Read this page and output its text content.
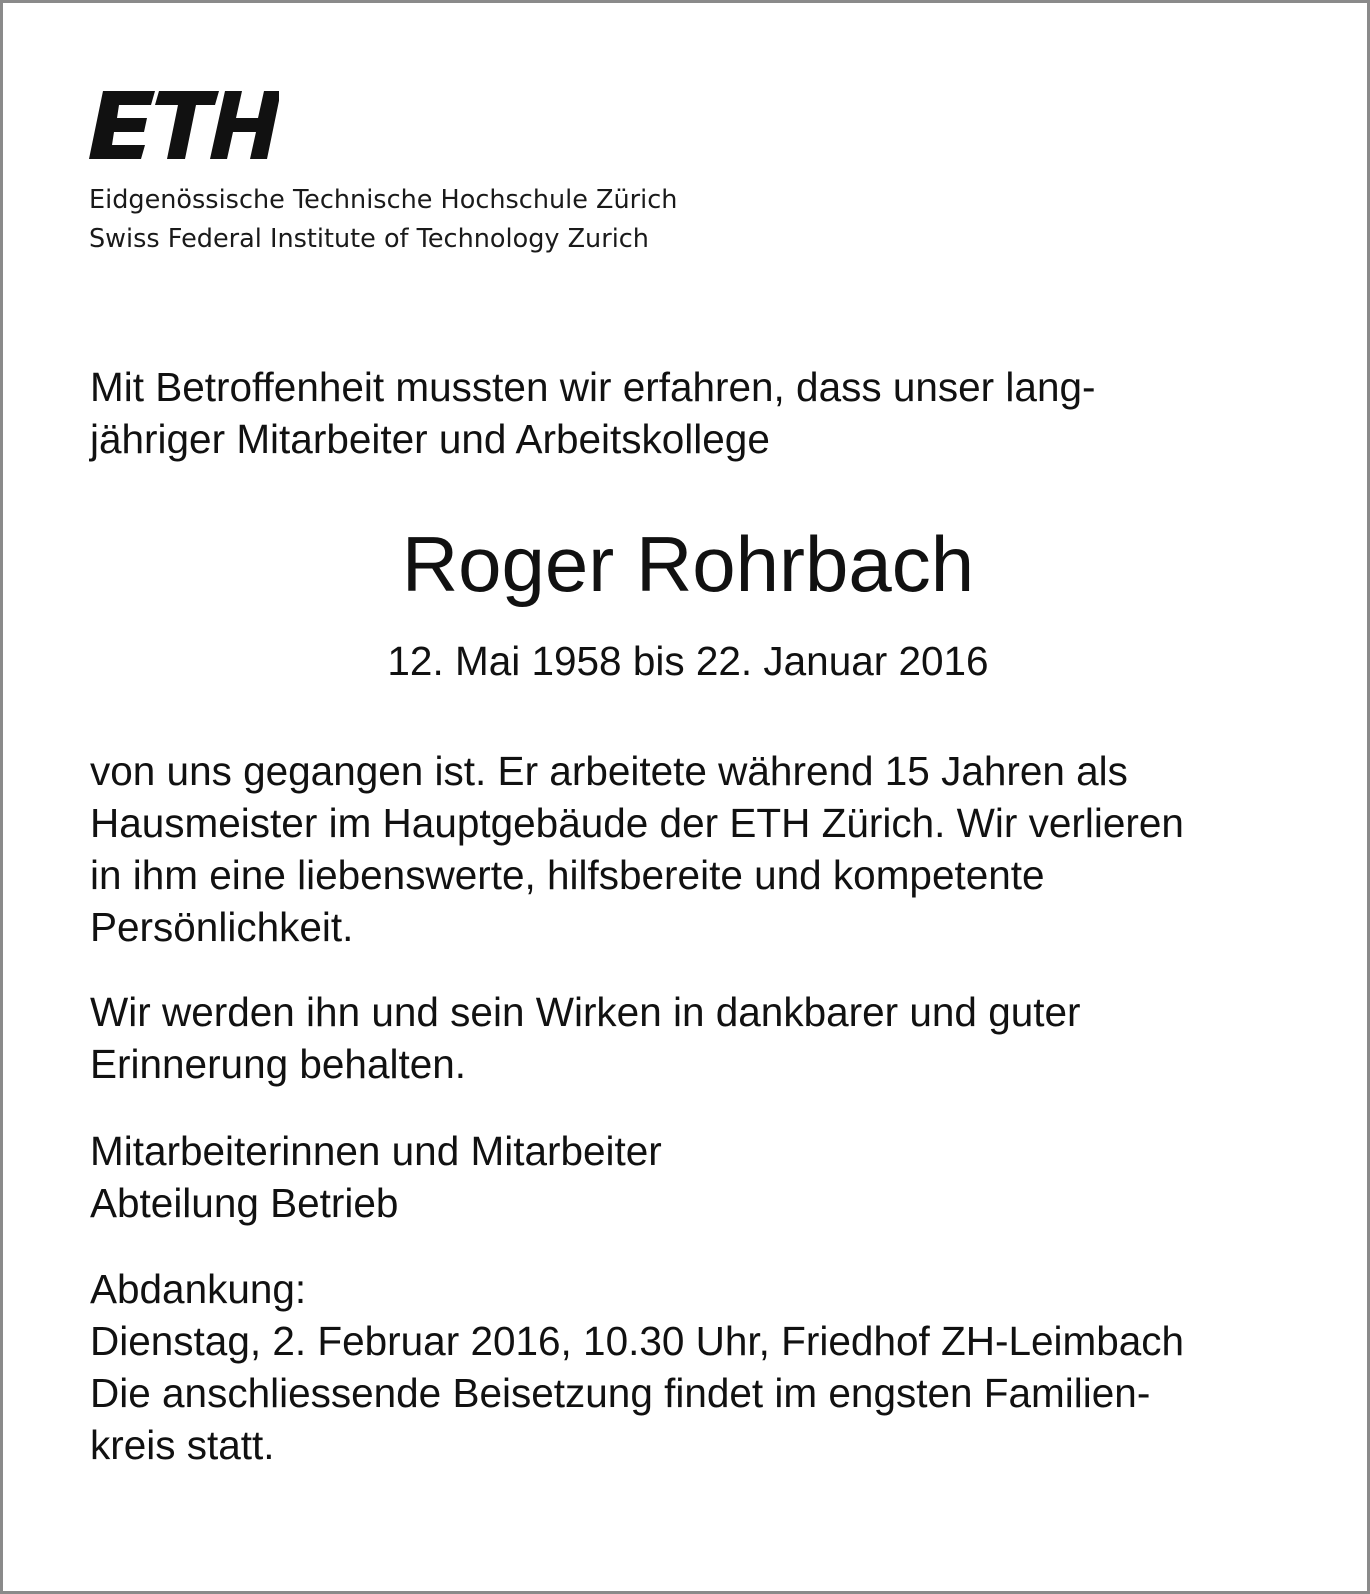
Eidgenössische Technische Hochschule Zürich
Swiss Federal Institute of Technology Zurich
Mit Betroffenheit mussten wir erfahren, dass unser lang-
jähriger Mitarbeiter und Arbeitskollege
Roger Rohrbach
12. Mai 1958 bis 22. Januar 2016
von uns gegangen ist. Er arbeitete während 15 Jahren als
Hausmeister im Hauptgebäude der ETH Zürich. Wir verlieren
in ihm eine liebenswerte, hilfsbereite und kompetente
Persönlichkeit.
Wir werden ihn und sein Wirken in dankbarer und guter
Erinnerung behalten.
Mitarbeiterinnen und Mitarbeiter
Abteilung Betrieb
Abdankung:
Dienstag, 2. Februar 2016, 10.30 Uhr, Friedhof ZH-Leimbach
Die anschliessende Beisetzung findet im engsten Familien-
kreis statt.
